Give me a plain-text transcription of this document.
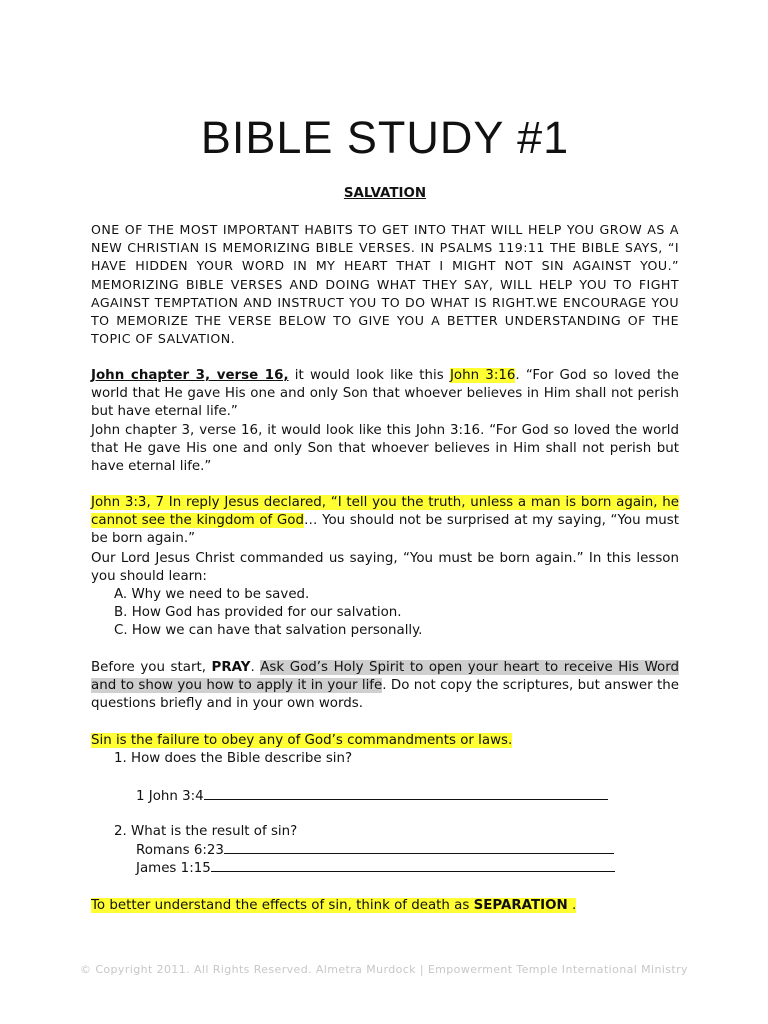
BIBLE STUDY #1

SALVATION

ONE OF THE MOST IMPORTANT HABITS TO GET INTO THAT WILL HELP YOU GROW AS A NEW CHRISTIAN IS MEMORIZING BIBLE VERSES. IN PSALMS 119:11 THE BIBLE SAYS, “I HAVE HIDDEN YOUR WORD IN MY HEART THAT I MIGHT NOT SIN AGAINST YOU.” MEMORIZING BIBLE VERSES AND DOING WHAT THEY SAY, WILL HELP YOU TO FIGHT AGAINST TEMPTATION AND INSTRUCT YOU TO DO WHAT IS RIGHT.WE ENCOURAGE YOU TO MEMORIZE THE VERSE BELOW TO GIVE YOU A BETTER UNDERSTANDING OF THE TOPIC OF SALVATION.

John chapter 3, verse 16, it would look like this John 3:16. “For God so loved the world that He gave His one and only Son that whoever believes in Him shall not perish but have eternal life.”

John chapter 3, verse 16, it would look like this John 3:16. “For God so loved the world that He gave His one and only Son that whoever believes in Him shall not perish but have eternal life.”

John 3:3, 7 In reply Jesus declared, “I tell you the truth, unless a man is born again, he cannot see the kingdom of God… You should not be surprised at my saying, “You must be born again.”

Our Lord Jesus Christ commanded us saying, “You must be born again.” In this lesson you should learn:

A. Why we need to be saved.
B. How God has provided for our salvation.
C. How we can have that salvation personally.

Before you start, PRAY. Ask God’s Holy Spirit to open your heart to receive His Word and to show you how to apply it in your life. Do not copy the scriptures, but answer the questions briefly and in your own words.

Sin is the failure to obey any of God’s commandments or laws.

1. How does the Bible describe sin?

1 John 3:4

2. What is the result of sin?

Romans 6:23

James 1:15

To better understand the effects of sin, think of death as SEPARATION .

© Copyright 2011. All Rights Reserved. Almetra Murdock | Empowerment Temple International Ministry
